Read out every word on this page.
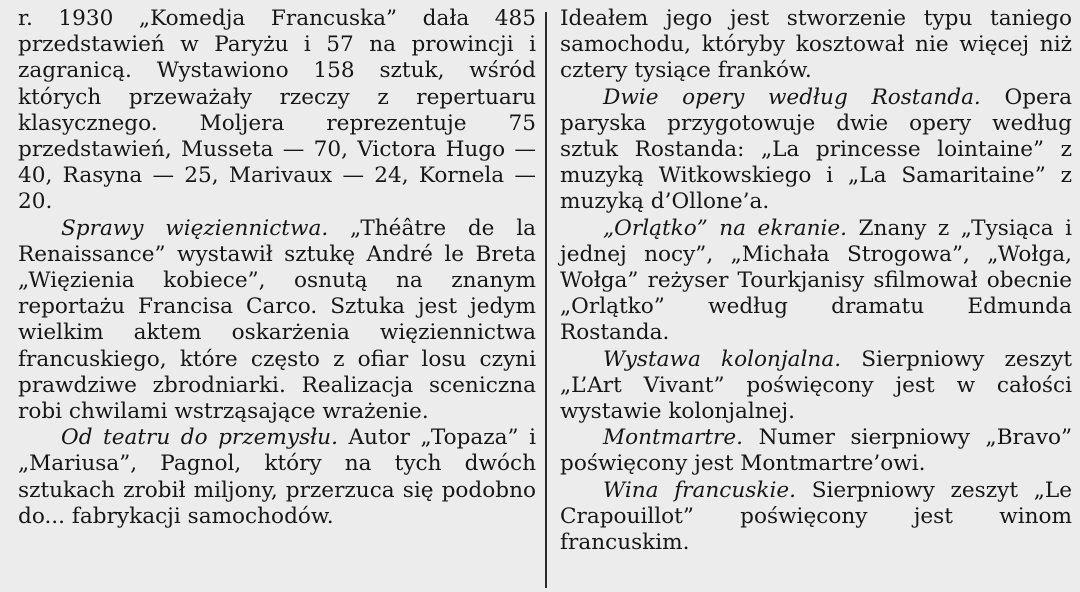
r. 1930 „Komedja Francuska” dała 485 przedstawień w Paryżu i 57 na prowincji i zagranicą. Wystawiono 158 sztuk, wśród których przeważały rzeczy z repertuaru klasycznego. Moljera reprezentuje 75 przedstawień, Musseta — 70, Victora Hugo — 40, Rasyna — 25, Marivaux — 24, Kornela — 20.

Sprawy więziennictwa. „Théâtre de la Renaissance” wystawił sztukę André le Breta „Więzienia kobiece”, osnutą na znanym reportażu Francisa Carco. Sztuka jest jedym wielkim aktem oskarżenia więziennictwa francuskiego, które często z ofiar losu czyni prawdziwe zbrodniarki. Realizacja sceniczna robi chwilami wstrząsające wrażenie.

Od teatru do przemysłu. Autor „Topaza” i „Mariusa”, Pagnol, który na tych dwóch sztukach zrobił miljony, przerzuca się podobno do... fabrykacji samochodów.

Ideałem jego jest stworzenie typu taniego samochodu, któryby kosztował nie więcej niż cztery tysiące franków.

Dwie opery według Rostanda. Opera paryska przygotowuje dwie opery według sztuk Rostanda: „La princesse lointaine” z muzyką Witkowskiego i „La Samaritaine” z muzyką d’Ollone’a.

„Orlątko” na ekranie. Znany z „Tysiąca i jednej nocy”, „Michała Strogowa”, „Wołga, Wołga” reżyser Tourkjanisy sfilmował obecnie „Orlątko” według dramatu Edmunda Rostanda.

Wystawa kolonjalna. Sierpniowy zeszyt „L’Art Vivant” poświęcony jest w całości wystawie kolonjalnej.

Montmartre. Numer sierpniowy „Bravo” poświęcony jest Montmartre’owi.

Wina francuskie. Sierpniowy zeszyt „Le Crapouillot” poświęcony jest winom francuskim.
